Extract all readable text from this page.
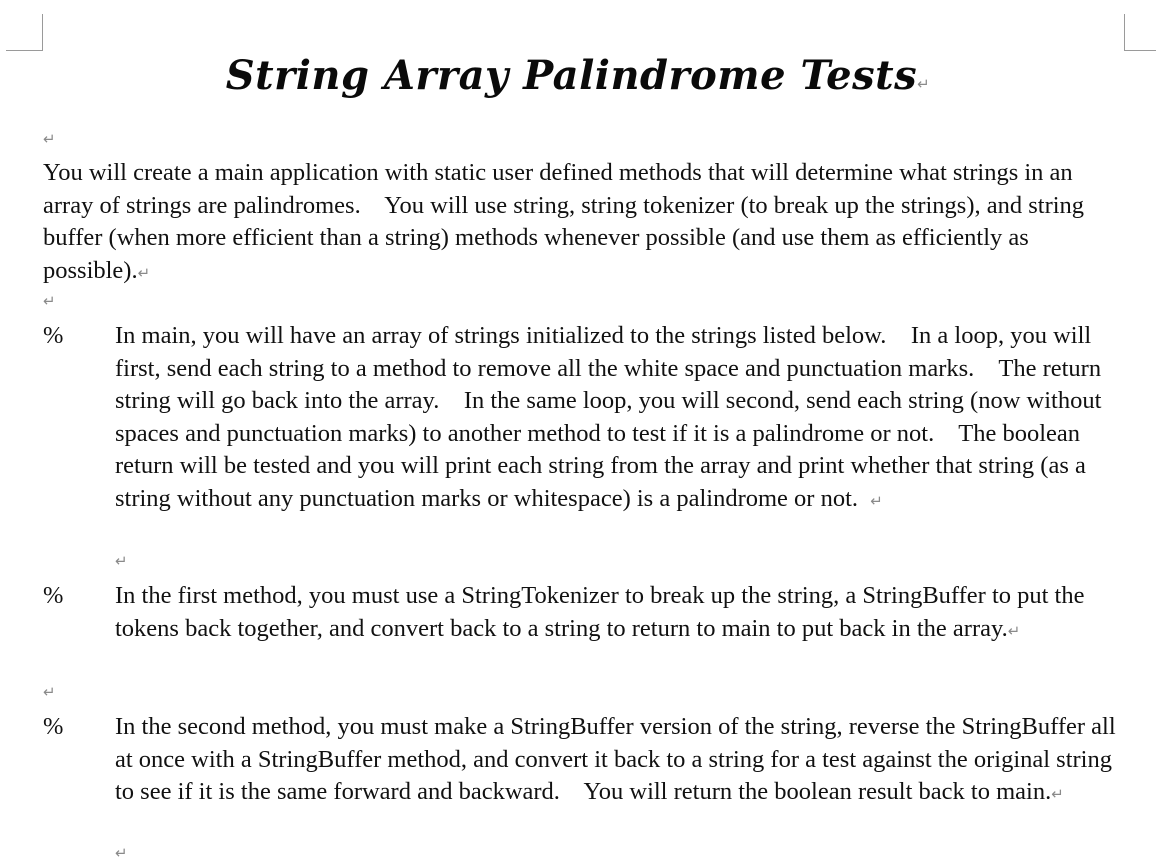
String Array Palindrome Tests↵
↵
You will create a main application with static user defined methods that will determine what strings in an array of strings are palindromes.    You will use string, string tokenizer (to break up the strings), and string buffer (when more efficient than a string) methods whenever possible (and use them as efficiently as possible).↵
↵
%	In main, you will have an array of strings initialized to the strings listed below.    In a loop, you will first, send each string to a method to remove all the white space and punctuation marks.    The return string will go back into the array.    In the same loop, you will second, send each string (now without spaces and punctuation marks) to another method to test if it is a palindrome or not.    The boolean return will be tested and you will print each string from the array and print whether that string (as a string without any punctuation marks or whitespace) is a palindrome or not.  ↵
↵
%	In the first method, you must use a StringTokenizer to break up the string, a StringBuffer to put the tokens back together, and convert back to a string to return to main to put back in the array.↵
↵
%	In the second method, you must make a StringBuffer version of the string, reverse the StringBuffer all at once with a StringBuffer method, and convert it back to a string for a test against the original string to see if it is the same forward and backward.    You will return the boolean result back to main.↵
↵
